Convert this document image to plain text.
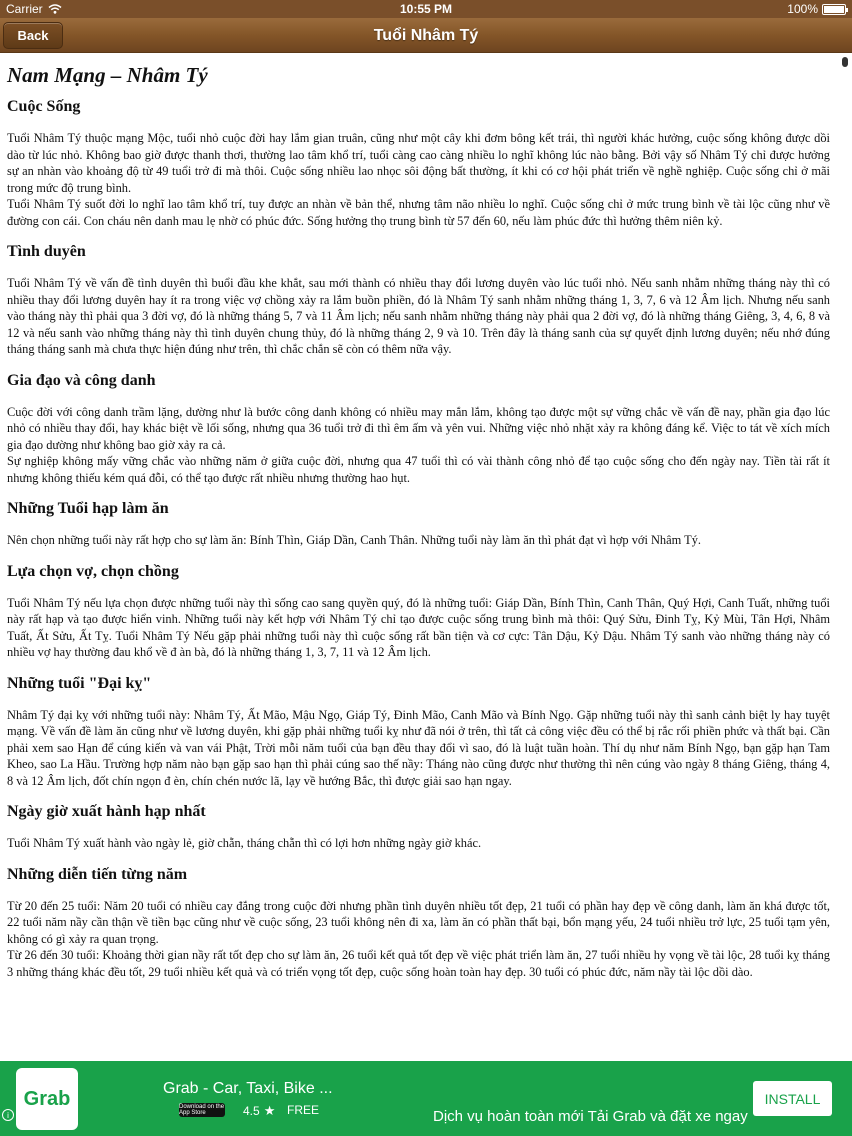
Carrier	10:55 PM	100%
Back	Tuổi Nhâm Tý
Nam Mạng – Nhâm Tý
Cuộc Sống

Tuổi Nhâm Tý thuộc mạng Mộc, tuổi nhỏ cuộc đời hay lắm gian truân, cũng như một cây khi đơm bông kết trái, thì người khác hưởng, cuộc sống không được dồi dào từ lúc nhỏ. Không bao giờ được thanh thơi, thường lao tâm khổ trí, tuổi càng cao càng nhiều lo nghĩ không lúc nào bằng. Bởi vậy số Nhâm Tý chỉ được hưởng sự an nhàn vào khoảng độ từ 49 tuổi trở đi mà thôi. Cuộc sống nhiều lao nhọc sôi động bất thường, ít khi có cơ hội phát triển về nghề nghiệp. Cuộc sống chỉ ở mãi trong mức độ trung bình.

Tuổi Nhâm Tý suốt đời lo nghĩ lao tâm khổ trí, tuy được an nhàn về bản thể, nhưng tâm não nhiều lo nghĩ. Cuộc sống chỉ ở mức trung bình về tài lộc cũng như về đường con cái. Con cháu nên danh mau lẹ nhờ có phúc đức. Sống hưởng thọ trung bình từ 57 đến 60, nếu làm phúc đức thì hưởng thêm niên kỷ.

Tình duyên

Tuổi Nhâm Tý về vấn đề tình duyên thì buổi đầu khe khắt, sau mới thành có nhiều thay đổi lương duyên vào lúc tuổi nhỏ. Nếu sanh nhằm những tháng này thì có nhiều thay đổi lương duyên hay ít ra trong việc vợ chồng xảy ra lắm buồn phiền, đó là Nhâm Tý sanh nhằm những tháng 1, 3, 7, 6 và 12 Âm lịch. Nhưng nếu sanh vào tháng này thì phải qua 3 đời vợ, đó là những tháng 5, 7 và 11 Âm lịch; nếu sanh nhằm những tháng này phải qua 2 đời vợ, đó là những tháng Giêng, 3, 4, 6, 8 và 12 và nếu sanh vào những tháng này thì tình duyên chung thủy, đó là những tháng 2, 9 và 10. Trên đây là tháng sanh của sự quyết định lương duyên; nếu nhớ đúng tháng tháng sanh mà chưa thực hiện đúng như trên, thì chắc chắn sẽ còn có thêm nữa vậy.

Gia đạo và công danh

Cuộc đời với công danh trầm lặng, dường như là bước công danh không có nhiều may mắn lắm, không tạo được một sự vững chắc về vấn đề nay, phần gia đạo lúc nhỏ có nhiều thay đổi, hay khác biệt về lối sống, nhưng qua 36 tuổi trở đi thì êm ấm và yên vui. Những việc nhỏ nhặt xảy ra không đáng kể. Việc to tát về xích mích gia đạo dường như không bao giờ xảy ra cả.

Sự nghiệp không mấy vững chắc vào những năm ở giữa cuộc đời, nhưng qua 47 tuổi thì có vài thành công nhỏ để tạo cuộc sống cho đến ngày nay. Tiền tài rất ít nhưng không thiếu kém quá đỗi, có thể tạo được rất nhiều nhưng thường hao hụt.

Những Tuổi hạp làm ăn

Nên chọn những tuổi này rất hợp cho sự làm ăn: Bính Thìn, Giáp Dần, Canh Thân. Những tuổi này làm ăn thì phát đạt vì hợp với Nhâm Tý.

Lựa chọn vợ, chọn chồng

Tuổi Nhâm Tý nếu lựa chọn được những tuổi này thì sống cao sang quyền quý, đó là những tuổi: Giáp Dần, Bính Thìn, Canh Thân, Quý Hợi, Canh Tuất, những tuổi này rất hạp và tạo được hiển vinh. Những tuổi này kết hợp với Nhâm Tý chỉ tạo được cuộc sống trung bình mà thôi: Quý Sửu, Đinh Tỵ, Kỷ Mùi, Tân Hợi, Nhâm Tuất, Ất Sửu, Ất Tỵ. Tuổi Nhâm Tý Nếu gặp phải những tuổi này thì cuộc sống rất bần tiện và cơ cực: Tân Dậu, Kỷ Dậu. Nhâm Tý sanh vào những tháng này có nhiều vợ hay thường đau khổ về đ àn bà, đó là những tháng 1, 3, 7, 11 và 12 Âm lịch.

Những tuổi "Đại kỵ"

Nhâm Tý đại kỵ với những tuổi này: Nhâm Tý, Ất Mão, Mậu Ngọ, Giáp Tý, Đinh Mão, Canh Mão và Bính Ngọ. Gặp những tuổi này thì sanh cảnh biệt ly hay tuyệt mạng. Về vấn đề làm ăn cũng như về lương duyên, khi gặp phải những tuổi kỵ như đã nói ở trên, thì tất cả công việc đều có thể bị rắc rối phiền phức và thất bại. Cần phải xem sao Hạn để cúng kiến và van vái Phật, Trời mỗi năm tuổi của bạn đều thay đổi vì sao, đó là luật tuần hoàn. Thí dụ như năm Bính Ngọ, bạn gặp hạn Tam Kheo, sao La Hầu. Trường hợp năm nào bạn gặp sao hạn thì phải cúng sao thế nầy: Tháng nào cũng được như thường thì nên cúng vào ngày 8 tháng Giêng, tháng 4, 8 và 12 Âm lịch, đốt chín ngọn đ èn, chín chén nước lã, lạy về hướng Bắc, thì được giải sao hạn ngay.

Ngày giờ xuất hành hạp nhất

Tuổi Nhâm Tý xuất hành vào ngày lẻ, giờ chẵn, tháng chẵn thì có lợi hơn những ngày giờ khác.

Những diễn tiến từng năm

Từ 20 đến 25 tuổi: Năm 20 tuổi có nhiều cay đắng trong cuộc đời nhưng phần tình duyên nhiều tốt đẹp, 21 tuổi có phần hay đẹp về công danh, làm ăn khá được tốt, 22 tuổi năm nầy cần thận về tiền bạc cũng như về cuộc sống, 23 tuổi không nên đi xa, làm ăn có phần thất bại, bổn mạng yếu, 24 tuổi nhiều trở lực, 25 tuổi tạm yên, không có gì xảy ra quan trọng.

Từ 26 đến 30 tuổi: Khoảng thời gian nầy rất tốt đẹp cho sự làm ăn, 26 tuổi kết quả tốt đẹp về việc phát triển làm ăn, 27 tuổi nhiều hy vọng về tài lộc, 28 tuổi kỵ tháng 3 những tháng khác đều tốt, 29 tuổi nhiều kết quả và có triển vọng tốt đẹp, cuộc sống hoàn toàn hay đẹp. 30 tuổi có phúc đức, năm nầy tài lộc dồi dào.

Grab	Grab - Car, Taxi, Bike ...
Download on the App Store	4.5 ★ FREE	Dịch vụ hoàn toàn mới Tải Grab và đặt xe ngay
INSTALL
i
